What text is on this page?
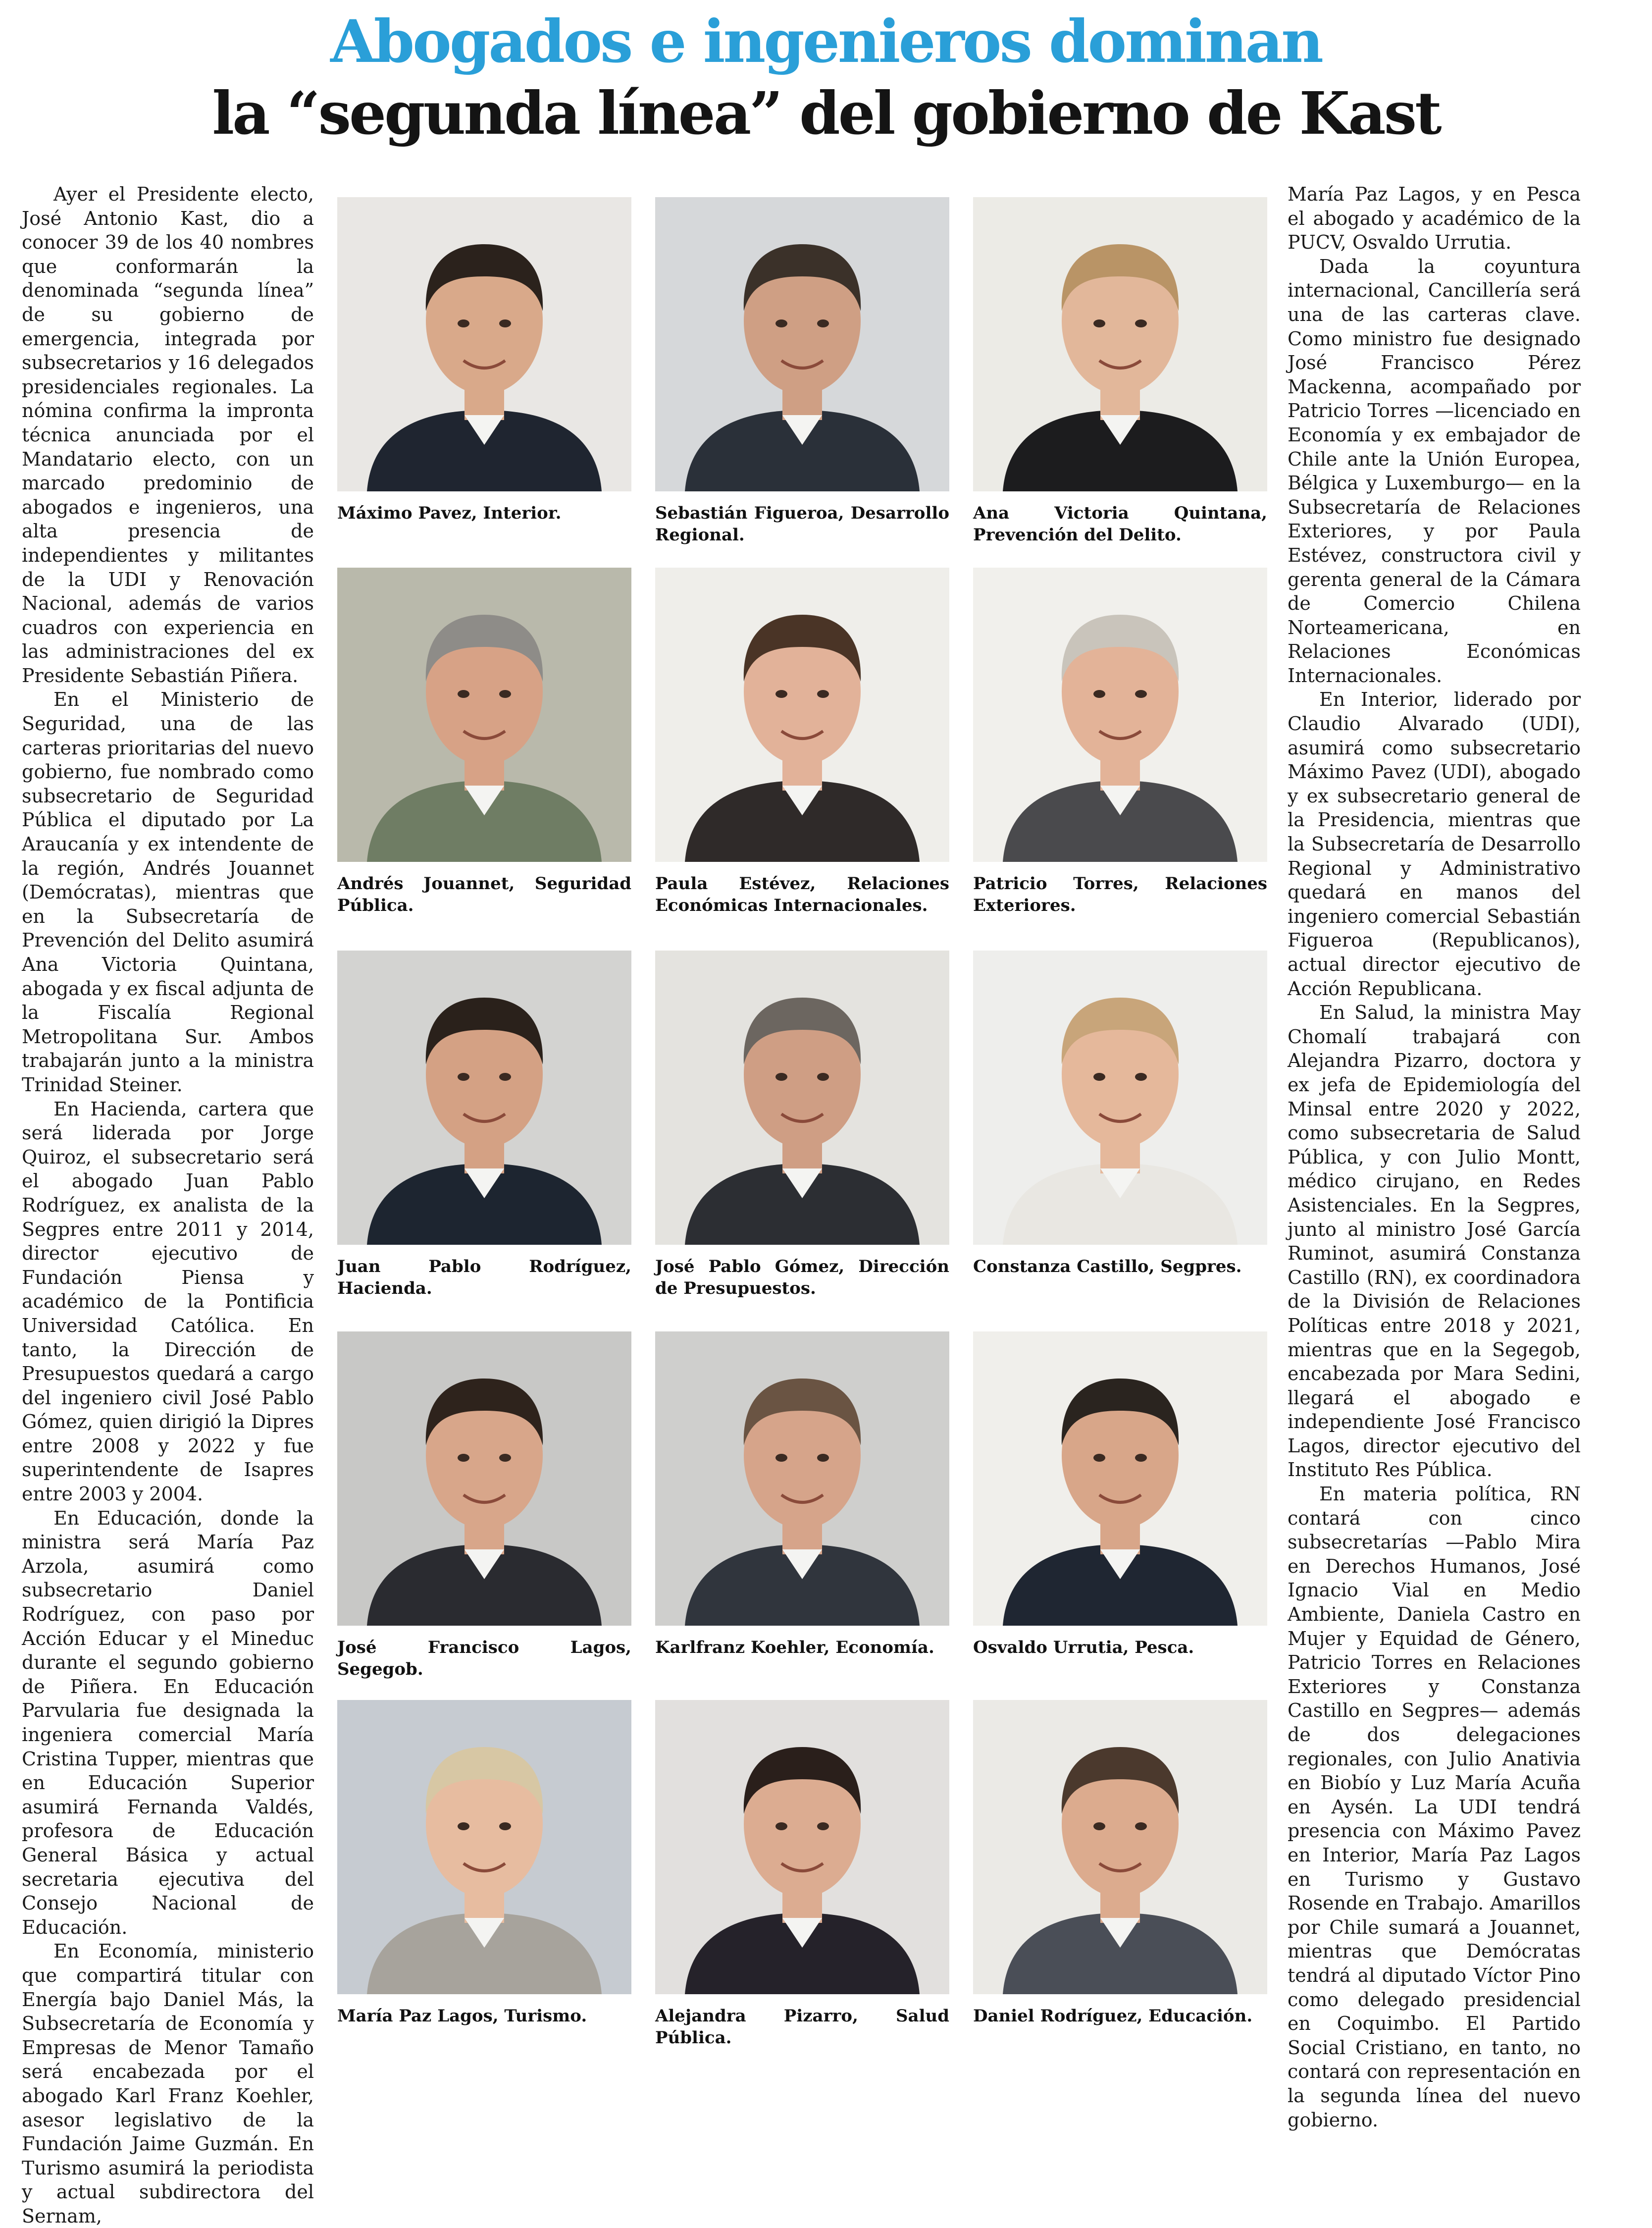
Abogados e ingenieros dominan
la “segunda línea” del gobierno de Kast

Ayer el Presidente electo, José Antonio Kast, dio a conocer 39 de los 40 nombres que conformarán la denominada “segunda línea” de su gobierno de emergencia, integrada por subsecretarios y 16 delegados presidenciales regionales. La nómina confirma la impronta técnica anunciada por el Mandatario electo, con un marcado predominio de abogados e ingenieros, una alta presencia de independientes y militantes de la UDI y Renovación Nacional, además de varios cuadros con experiencia en las administraciones del ex Presidente Sebastián Piñera.

En el Ministerio de Seguridad, una de las carteras prioritarias del nuevo gobierno, fue nombrado como subsecretario de Seguridad Pública el diputado por La Araucanía y ex intendente de la región, Andrés Jouannet (Demócratas), mientras que en la Subsecretaría de Prevención del Delito asumirá Ana Victoria Quintana, abogada y ex fiscal adjunta de la Fiscalía Regional Metropolitana Sur. Ambos trabajarán junto a la ministra Trinidad Steiner.

En Hacienda, cartera que será liderada por Jorge Quiroz, el subsecretario será el abogado Juan Pablo Rodríguez, ex analista de la Segpres entre 2011 y 2014, director ejecutivo de Fundación Piensa y académico de la Pontificia Universidad Católica. En tanto, la Dirección de Presupuestos quedará a cargo del ingeniero civil José Pablo Gómez, quien dirigió la Dipres entre 2008 y 2022 y fue superintendente de Isapres entre 2003 y 2004.

En Educación, donde la ministra será María Paz Arzola, asumirá como subsecretario Daniel Rodríguez, con paso por Acción Educar y el Mineduc durante el segundo gobierno de Piñera. En Educación Parvularia fue designada la ingeniera comercial María Cristina Tupper, mientras que en Educación Superior asumirá Fernanda Valdés, profesora de Educación General Básica y actual secretaria ejecutiva del Consejo Nacional de Educación.

En Economía, ministerio que compartirá titular con Energía bajo Daniel Más, la Subsecretaría de Economía y Empresas de Menor Tamaño será encabezada por el abogado Karl Franz Koehler, asesor legislativo de la Fundación Jaime Guzmán. En Turismo asumirá la periodista y actual subdirectora del Sernam,

María Paz Lagos, y en Pesca el abogado y académico de la PUCV, Osvaldo Urrutia.

Dada la coyuntura internacional, Cancillería será una de las carteras clave. Como ministro fue designado José Francisco Pérez Mackenna, acompañado por Patricio Torres —licenciado en Economía y ex embajador de Chile ante la Unión Europea, Bélgica y Luxemburgo— en la Subsecretaría de Relaciones Exteriores, y por Paula Estévez, constructora civil y gerenta general de la Cámara de Comercio Chilena Norteamericana, en Relaciones Económicas Internacionales.

En Interior, liderado por Claudio Alvarado (UDI), asumirá como subsecretario Máximo Pavez (UDI), abogado y ex subsecretario general de la Presidencia, mientras que la Subsecretaría de Desarrollo Regional y Administrativo quedará en manos del ingeniero comercial Sebastián Figueroa (Republicanos), actual director ejecutivo de Acción Republicana.

En Salud, la ministra May Chomalí trabajará con Alejandra Pizarro, doctora y ex jefa de Epidemiología del Minsal entre 2020 y 2022, como subsecretaria de Salud Pública, y con Julio Montt, médico cirujano, en Redes Asistenciales. En la Segpres, junto al ministro José García Ruminot, asumirá Constanza Castillo (RN), ex coordinadora de la División de Relaciones Políticas entre 2018 y 2021, mientras que en la Segegob, encabezada por Mara Sedini, llegará el abogado e independiente José Francisco Lagos, director ejecutivo del Instituto Res Pública.

En materia política, RN contará con cinco subsecretarías —Pablo Mira en Derechos Humanos, José Ignacio Vial en Medio Ambiente, Daniela Castro en Mujer y Equidad de Género, Patricio Torres en Relaciones Exteriores y Constanza Castillo en Segpres— además de dos delegaciones regionales, con Julio Anativia en Biobío y Luz María Acuña en Aysén. La UDI tendrá presencia con Máximo Pavez en Interior, María Paz Lagos en Turismo y Gustavo Rosende en Trabajo. Amarillos por Chile sumará a Jouannet, mientras que Demócratas tendrá al diputado Víctor Pino como delegado presidencial en Coquimbo. El Partido Social Cristiano, en tanto, no contará con representación en la segunda línea del nuevo gobierno.

Máximo Pavez, Interior.	Sebastián Figueroa, Desarrollo Regional.
Ana Victoria Quintana, Prevención del Delito.
Andrés Jouannet, Seguridad Pública.
Paula Estévez, Relaciones Económicas Internacionales.
Patricio Torres, Relaciones Exteriores.
Juan Pablo Rodríguez, Hacienda.
José Pablo Gómez, Dirección de Presupuestos.
Constanza Castillo, Segpres.
José Francisco Lagos, Segegob.
Karlfranz Koehler, Economía.	Osvaldo Urrutia, Pesca.
María Paz Lagos, Turismo.	Alejandra Pizarro, Salud Pública.
Daniel Rodríguez, Educación.
